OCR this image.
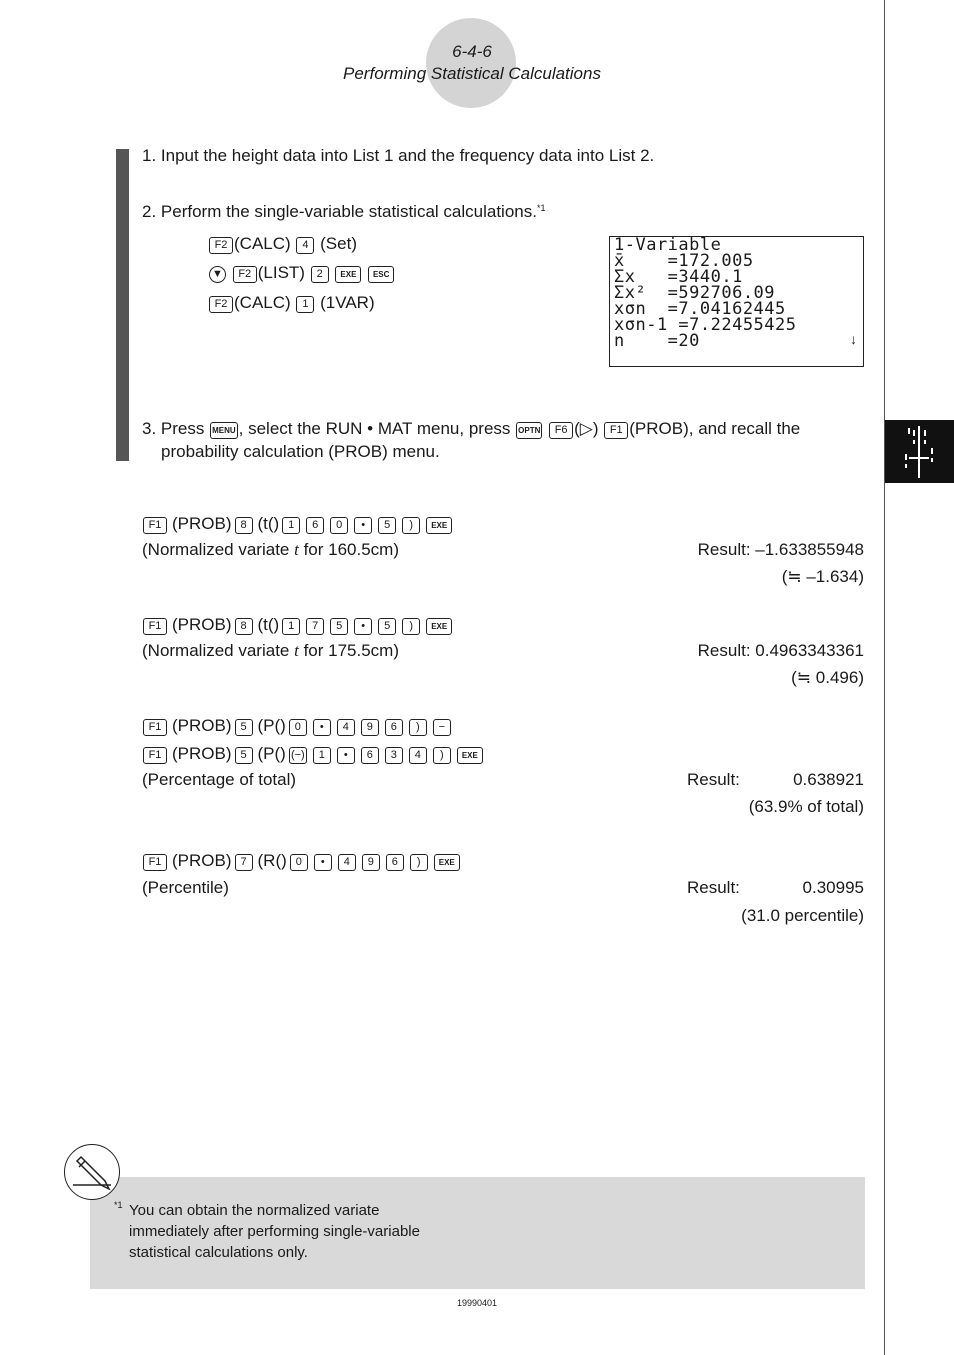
6-4-6
Performing Statistical Calculations
1. Input the height data into List 1 and the frequency data into List 2.
2. Perform the single-variable statistical calculations.$^{*1}$
F2 (CALC) 4 (Set)
▼ F2 (LIST) 2 EXE ESC
F2 (CALC) 1 (1VAR)
1-Variable
x̄    =172.005
Σx   =3440.1
Σx²  =592706.09
xσn  =7.04162445
xσn-1 =7.22455425
n    =20	↓
3. Press MENU , select the RUN • MAT menu, press OPTN F6 (▷) F1 (PROB), and recall the
probability calculation (PROB) menu.
F1 (PROB) 8 (t() 1 6 0 • 5 ) EXE
(Normalized variate t for 160.5cm)	Result: –1.633855948
(≒ –1.634)
F1 (PROB) 8 (t() 1 7 5 • 5 ) EXE
(Normalized variate t for 175.5cm)	Result: 0.4963343361
(≒ 0.496)
F1 (PROB) 5 (P() 0 • 4 9 6 ) −
F1 (PROB) 5 (P() (−) 1 • 6 3 4 ) EXE
(Percentage of total)	Result:	0.638921
(63.9% of total)
F1 (PROB) 7 (R() 0 • 4 9 6 ) EXE
(Percentile)	Result:	0.30995
(31.0 percentile)
*1 You can obtain the normalized variate
immediately after performing single-variable
statistical calculations only.
19990401
